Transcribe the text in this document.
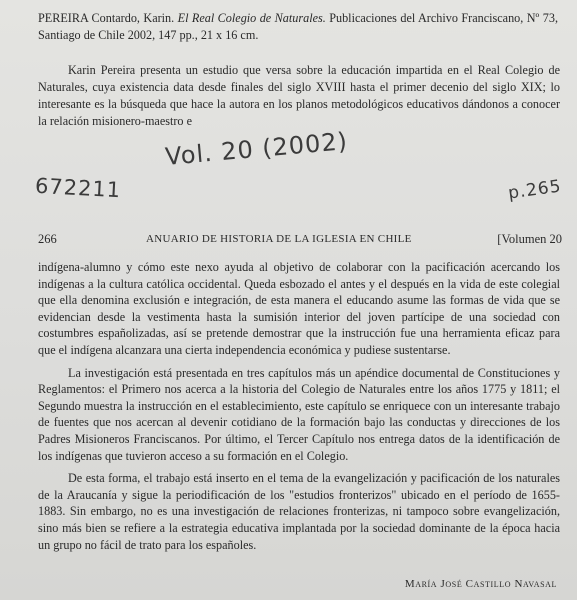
PEREIRA Contardo, Karin. El Real Colegio de Naturales. Publicaciones del Archivo Franciscano, Nº 73, Santiago de Chile 2002, 147 pp., 21 x 16 cm.
Karin Pereira presenta un estudio que versa sobre la educación impartida en el Real Colegio de Naturales, cuya existencia data desde finales del siglo XVIII hasta el primer decenio del siglo XIX; lo interesante es la búsqueda que hace la autora en los planos metodológicos educativos dándonos a conocer la relación misionero-maestro e
Vol. 20 (2002)
672211	p.265
266	ANUARIO DE HISTORIA DE LA IGLESIA EN CHILE	[Volumen 20

indígena-alumno y cómo este nexo ayuda al objetivo de colaborar con la pacificación acercando los indígenas a la cultura católica occidental. Queda esbozado el antes y el después en la vida de este colegial que ella denomina exclusión e integración, de esta manera el educando asume las formas de vida que se evidencian desde la vestimenta hasta la sumisión interior del joven partícipe de una sociedad con costumbres españolizadas, así se pretende demostrar que la instrucción fue una herramienta eficaz para que el indígena alcanzara una cierta independencia económica y pudiese sustentarse.

La investigación está presentada en tres capítulos más un apéndice documental de Constituciones y Reglamentos: el Primero nos acerca a la historia del Colegio de Naturales entre los años 1775 y 1811; el Segundo muestra la instrucción en el establecimiento, este capítulo se enriquece con un interesante trabajo de fuentes que nos acercan al devenir cotidiano de la formación bajo las conductas y direcciones de los Padres Misioneros Franciscanos. Por último, el Tercer Capítulo nos entrega datos de la identificación de los indígenas que tuvieron acceso a su formación en el Colegio.

De esta forma, el trabajo está inserto en el tema de la evangelización y pacificación de los naturales de la Araucanía y sigue la periodificación de los "estudios fronterizos" ubicado en el período de 1655-1883. Sin embargo, no es una investigación de relaciones fronterizas, ni tampoco sobre evangelización, sino más bien se refiere a la estrategia educativa implantada por la sociedad dominante de la época hacia un grupo no fácil de trato para los españoles.

María José Castillo Navasal
